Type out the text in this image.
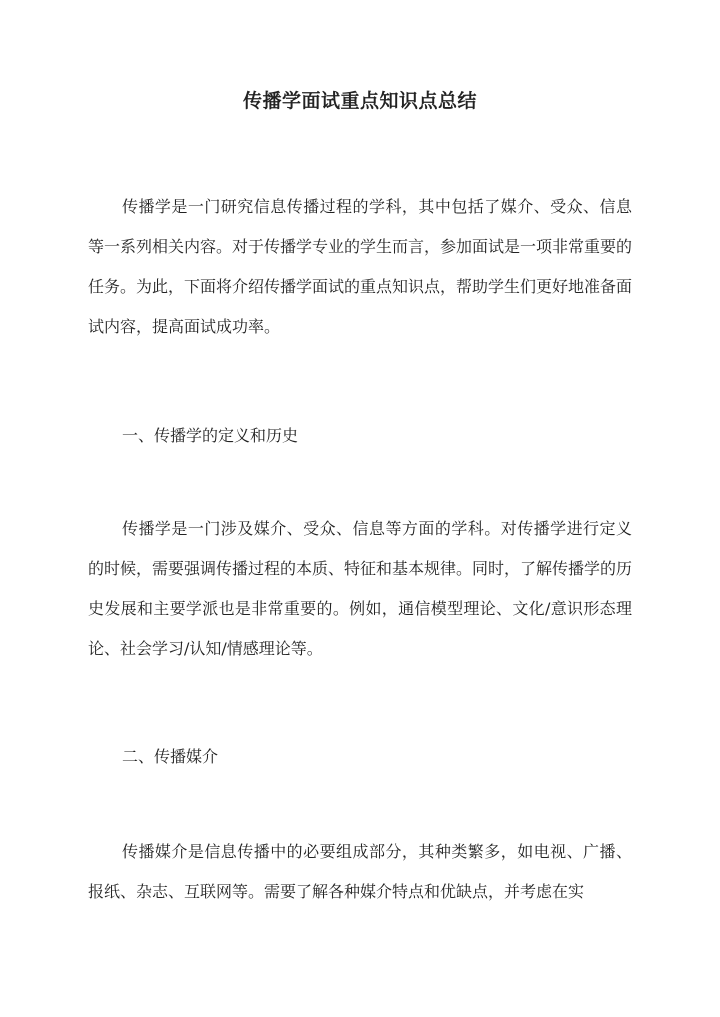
传播学面试重点知识点总结

传播学是一门研究信息传播过程的学科，其中包括了媒介、受众、信息等一系列相关内容。对于传播学专业的学生而言，参加面试是一项非常重要的任务。为此，下面将介绍传播学面试的重点知识点，帮助学生们更好地准备面试内容，提高面试成功率。

一、传播学的定义和历史

传播学是一门涉及媒介、受众、信息等方面的学科。对传播学进行定义的时候，需要强调传播过程的本质、特征和基本规律。同时，了解传播学的历史发展和主要学派也是非常重要的。例如，通信模型理论、文化/意识形态理论、社会学习/认知/情感理论等。

二、传播媒介

传播媒介是信息传播中的必要组成部分，其种类繁多，如电视、广播、报纸、杂志、互联网等。需要了解各种媒介特点和优缺点，并考虑在实
